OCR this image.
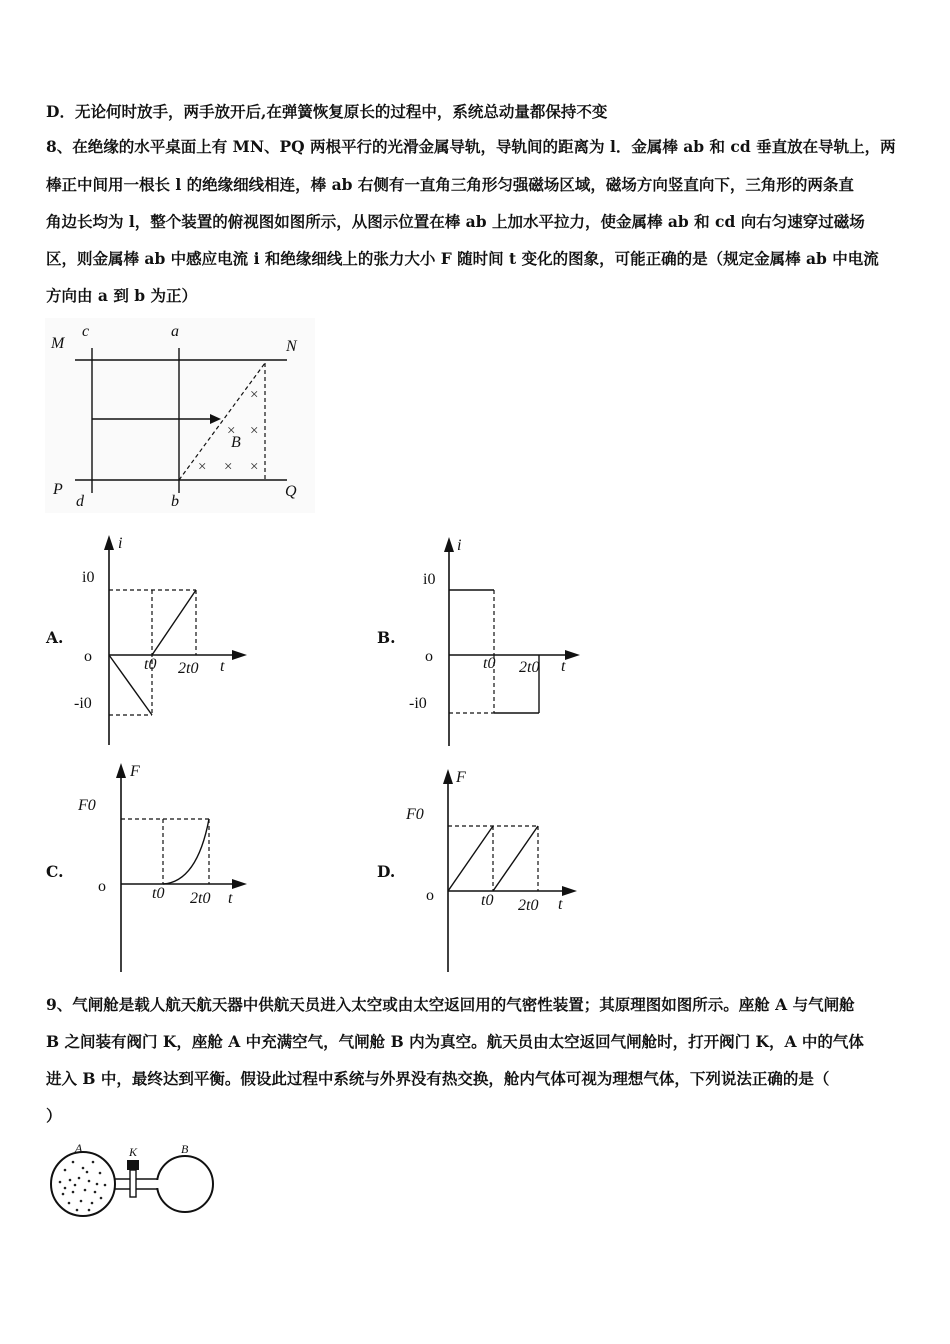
D．无论何时放手，两手放开后,在弹簧恢复原长的过程中，系统总动量都保持不变
8、在绝缘的水平桌面上有 MN、PQ 两根平行的光滑金属导轨，导轨间的距离为 l．金属棒 ab 和 cd 垂直放在导轨上，两
棒正中间用一根长 l 的绝缘细线相连，棒 ab 右侧有一直角三角形匀强磁场区域，磁场方向竖直向下，三角形的两条直
角边长均为 l，整个装置的俯视图如图所示，从图示位置在棒 ab 上加水平拉力，使金属棒 ab 和 cd 向右匀速穿过磁场
区，则金属棒 ab 中感应电流 i 和绝缘细线上的张力大小 F 随时间 t 变化的图象，可能正确的是（规定金属棒 ab 中电流
方向由 a 到 b 为正）
×
× ×
× × ×
M	N
P	Q
c	a
d	b
B
A.
i
i0
-i0
o	t0 2t0 t
B.
i
i0
-i0
o	t0 2t0 t
C.
F
F0
o	t0 2t0 t
D.
F
F0
o	t0 2t0 t
9、气闸舱是载人航天航天器中供航天员进入太空或由太空返回用的气密性装置；其原理图如图所示。座舱 A 与气闸舱
B 之间装有阀门 K，座舱 A 中充满空气，气闸舱 B 内为真空。航天员由太空返回气闸舱时，打开阀门 K，A 中的气体
进入 B 中，最终达到平衡。假设此过程中系统与外界没有热交换，舱内气体可视为理想气体，下列说法正确的是（
）
A	K	B
